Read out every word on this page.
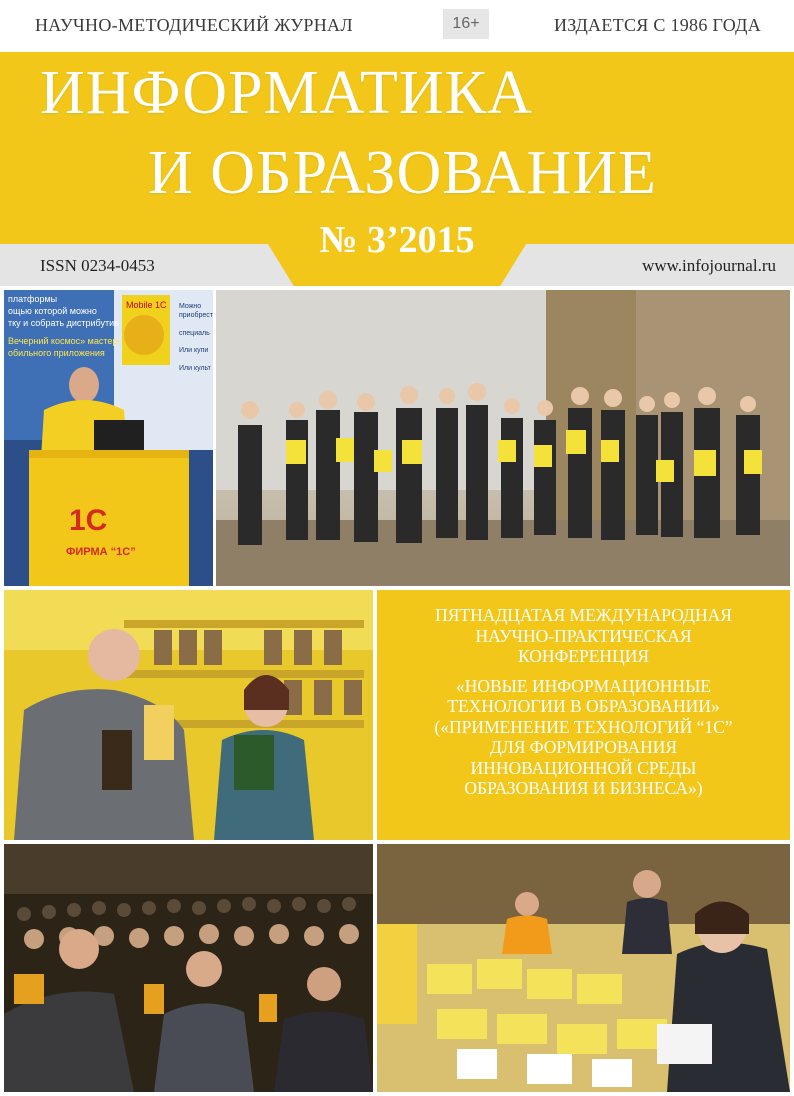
НАУЧНО-МЕТОДИЧЕСКИЙ ЖУРНАЛ	16+	ИЗДАЕТСЯ С 1986 ГОДА
ИНФОРМАТИКА
И ОБРАЗОВАНИЕ
ISSN 0234-0453	www.infojournal.ru
№ 3’2015
Mobile 1C Можно
приобрест
специаль
Или купи
Или культ
платформы
ощью которой можно
тку и собрать дистрибутив
Вечерний космос» мастер-
обильного приложения
1С
ФИРМА “1С”
ПЯТНАДЦАТАЯ МЕЖДУНАРОДНАЯ
НАУЧНО-ПРАКТИЧЕСКАЯ
КОНФЕРЕНЦИЯ
«НОВЫЕ ИНФОРМАЦИОННЫЕ
ТЕХНОЛОГИИ В ОБРАЗОВАНИИ»
(«ПРИМЕНЕНИЕ ТЕХНОЛОГИЙ “1С”
ДЛЯ ФОРМИРОВАНИЯ
ИННОВАЦИОННОЙ СРЕДЫ
ОБРАЗОВАНИЯ И БИЗНЕСА»)
